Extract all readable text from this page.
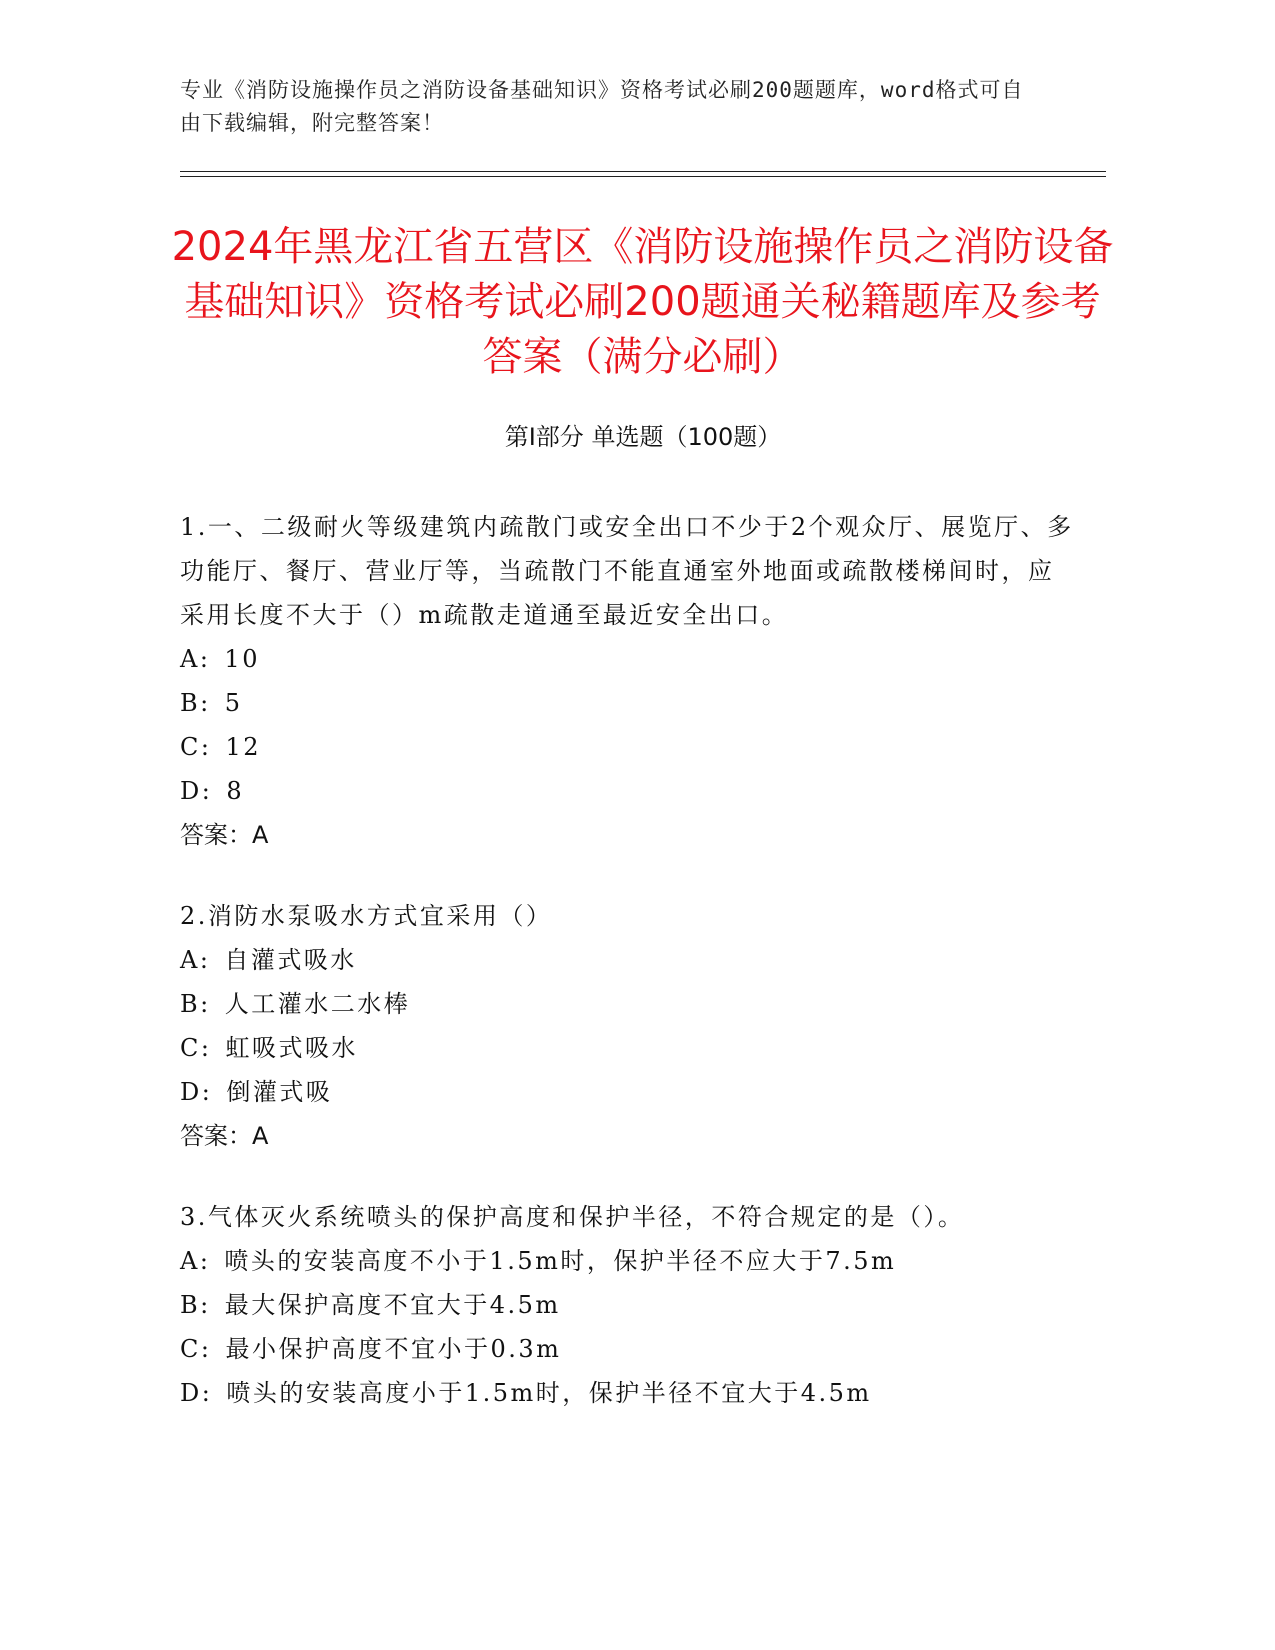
专业《消防设施操作员之消防设备基础知识》资格考试必刷200题题库，word格式可自由下载编辑，附完整答案！
2024年黑龙江省五营区《消防设施操作员之消防设备基础知识》资格考试必刷200题通关秘籍题库及参考答案（满分必刷）
第Ⅰ部分 单选题（100题）
1.一、二级耐火等级建筑内疏散门或安全出口不少于2个观众厅、展览厅、多功能厅、餐厅、营业厅等，当疏散门不能直通室外地面或疏散楼梯间时，应采用长度不大于（）m疏散走道通至最近安全出口。
A: 10
B: 5
C: 12
D: 8
答案：A
2.消防水泵吸水方式宜采用（）
A: 自灌式吸水
B: 人工灌水二水棒
C: 虹吸式吸水
D: 倒灌式吸
答案：A
3.气体灭火系统喷头的保护高度和保护半径，不符合规定的是（）。
A: 喷头的安装高度不小于1.5m时，保护半径不应大于7.5m
B: 最大保护高度不宜大于4.5m
C: 最小保护高度不宜小于0.3m
D: 喷头的安装高度小于1.5m时，保护半径不宜大于4.5m
